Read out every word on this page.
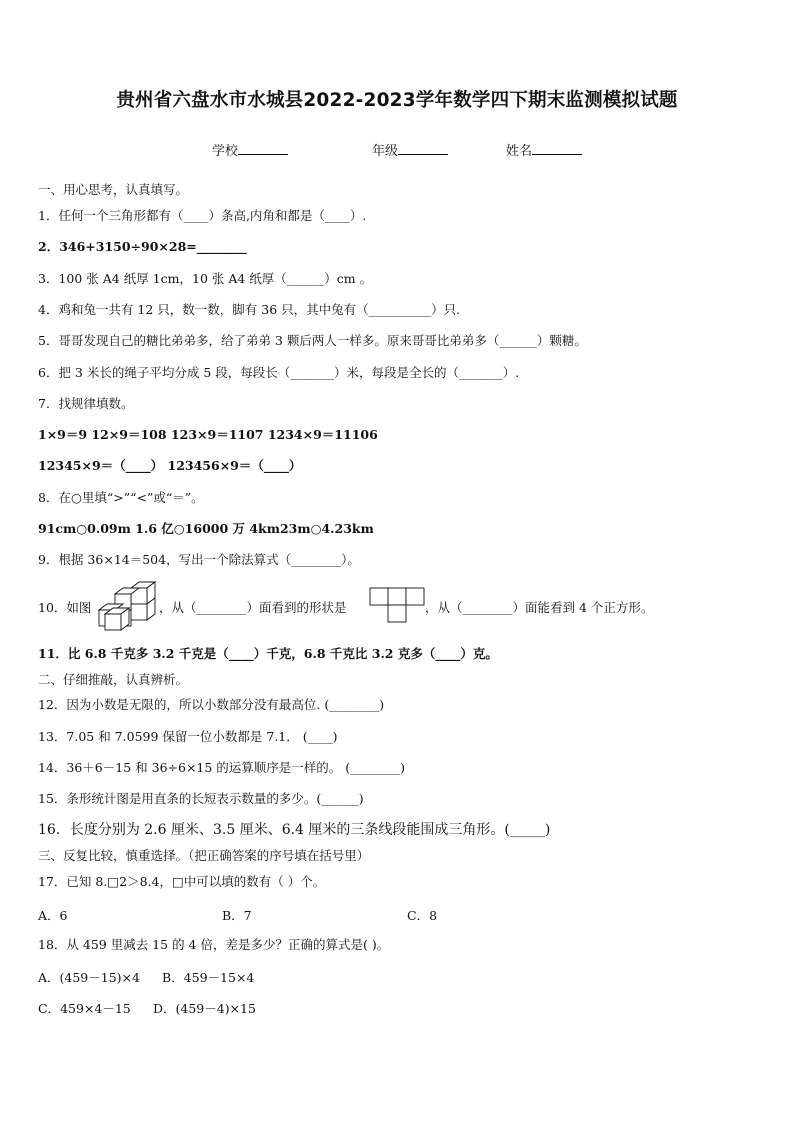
贵州省六盘水市水城县2022-2023学年数学四下期末监测模拟试题
学校	年级	姓名
一、用心思考，认真填写。
1．任何一个三角形都有（____）条高,内角和都是（____）.
2．346+3150÷90×28=________
3．100 张 A4 纸厚 1cm，10 张 A4 纸厚（______）cm 。
4．鸡和兔一共有 12 只，数一数，脚有 36 只，其中兔有（__________）只.
5．哥哥发现自己的糖比弟弟多，给了弟弟 3 颗后两人一样多。原来哥哥比弟弟多（______）颗糖。
6．把 3 米长的绳子平均分成 5 段，每段长（_______）米，每段是全长的（_______）.
7．找规律填数。
1×9＝9 12×9＝108 123×9＝1107 1234×9＝11106
12345×9＝（____） 123456×9＝（____）
8．在○里填“>”“<”或“＝”。
91cm○0.09m 1.6 亿○16000 万 4km23m○4.23km
9．根据 36×14＝504，写出一个除法算式（________）。
10．如图	，从（________）面看到的形状是	，从（________）面能看到 4 个正方形。
11．比 6.8 千克多 3.2 千克是（____）千克，6.8 千克比 3.2 克多（____）克。
二、仔细推敲，认真辨析。
12．因为小数是无限的，所以小数部分没有最高位. (________)
13．7.05 和 7.0599 保留一位小数都是 7.1． (____)
14．36＋6－15 和 36÷6×15 的运算顺序是一样的。 (________)
15．条形统计图是用直条的长短表示数量的多少。(______)
16．长度分别为 2.6 厘米、3.5 厘米、6.4 厘米的三条线段能围成三角形。(_____)
三、反复比较，慎重选择。（把正确答案的序号填在括号里）
17．已知 8.□2＞8.4，□中可以填的数有（ ）个。
A．6	B．7	C．8
18．从 459 里减去 15 的 4 倍，差是多少？正确的算式是( )。
A．(459－15)×4 B．459－15×4
C．459×4－15 D．(459－4)×15
